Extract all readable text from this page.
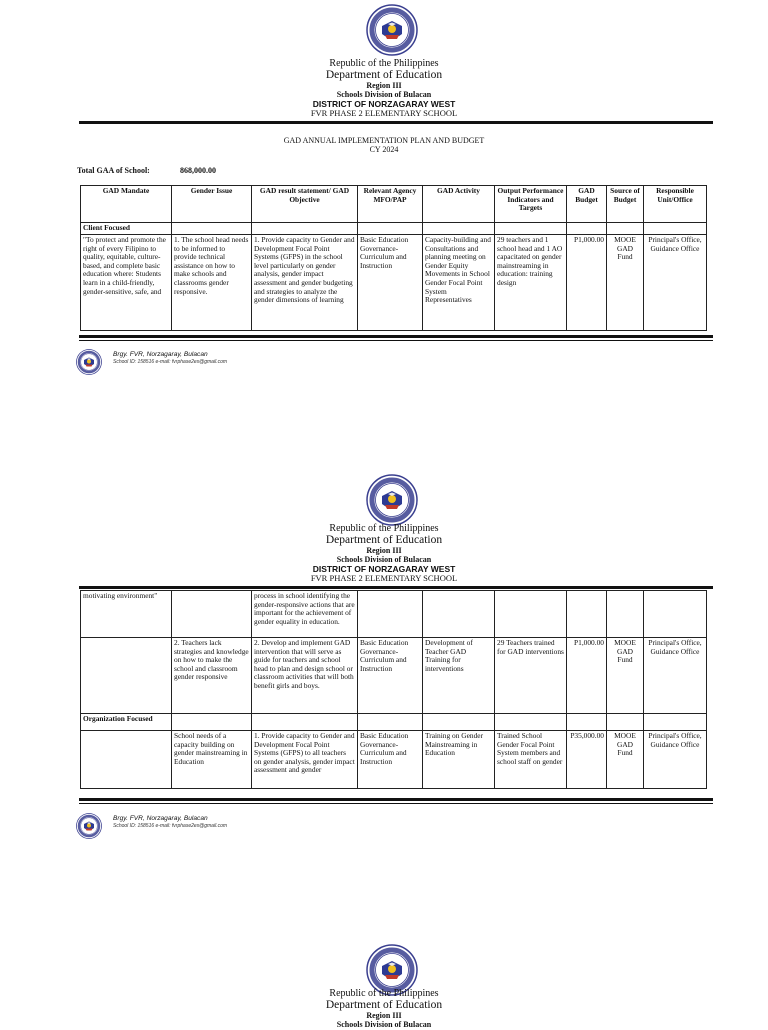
Republic of the Philippines
Department of Education
Region III
Schools Division of Bulacan
DISTRICT OF NORZAGARAY WEST
FVR PHASE 2 ELEMENTARY SCHOOL
GAD ANNUAL IMPLEMENTATION PLAN AND BUDGET
CY 2024
Total GAA of School:	868,000.00
GAD Mandate	Gender Issue	GAD result statement/ GAD Objective	Relevant Agency MFO/PAP	GAD Activity	Output Performance Indicators and Targets	GAD Budget	Source of Budget	Responsible Unit/Office
Client Focused								
"To protect and promote the right of every Filipino to quality, equitable, culture-based, and complete basic education where: Students learn in a child-friendly, gender-sensitive, safe, and	1. The school head needs to be informed to provide technical assistance on how to make schools and classrooms gender responsive.	1. Provide capacity to Gender and Development Focal Point Systems (GFPS) in the school level particularly on gender analysis, gender impact assessment and gender budgeting and strategies to analyze the gender dimensions of learning	Basic Education Governance-Curriculum and Instruction	Capacity-building and Consultations and planning meeting on Gender Equity Movements in School Gender Focal Point System Representatives	29 teachers and 1 school head and 1 AO capacitated on gender mainstreaming in education: training design	P1,000.00	MOOE GAD Fund	Principal's Office, Guidance Office
Brgy. FVR, Norzagaray, Bulacan
School ID: 158516 e-mail: fvrphase2es@gmail.com
Republic of the Philippines
Department of Education
Region III
Schools Division of Bulacan
DISTRICT OF NORZAGARAY WEST
FVR PHASE 2 ELEMENTARY SCHOOL
motivating environment"		process in school identifying the gender-responsive actions that are important for the achievement of gender equality in education.						
	2. Teachers lack strategies and knowledge on how to make the school and classroom gender responsive	2. Develop and implement GAD intervention that will serve as guide for teachers and school head to plan and design school or classroom activities that will both benefit girls and boys.	Basic Education Governance-Curriculum and Instruction	Development of Teacher GAD Training for interventions	29 Teachers trained for GAD interventions	P1,000.00	MOOE GAD Fund	Principal's Office, Guidance Office
Organization Focused								
	School needs of a capacity building on gender mainstreaming in Education	1. Provide capacity to Gender and Development Focal Point Systems (GFPS) to all teachers on gender analysis, gender impact assessment and gender	Basic Education Governance-Curriculum and Instruction	Training on Gender Mainstreaming in Education	Trained School Gender Focal Point System members and school staff on gender	P35,000.00	MOOE GAD Fund	Principal's Office, Guidance Office
Brgy. FVR, Norzagaray, Bulacan
School ID: 158516 e-mail: fvrphase2es@gmail.com
Republic of the Philippines
Department of Education
Region III
Schools Division of Bulacan
